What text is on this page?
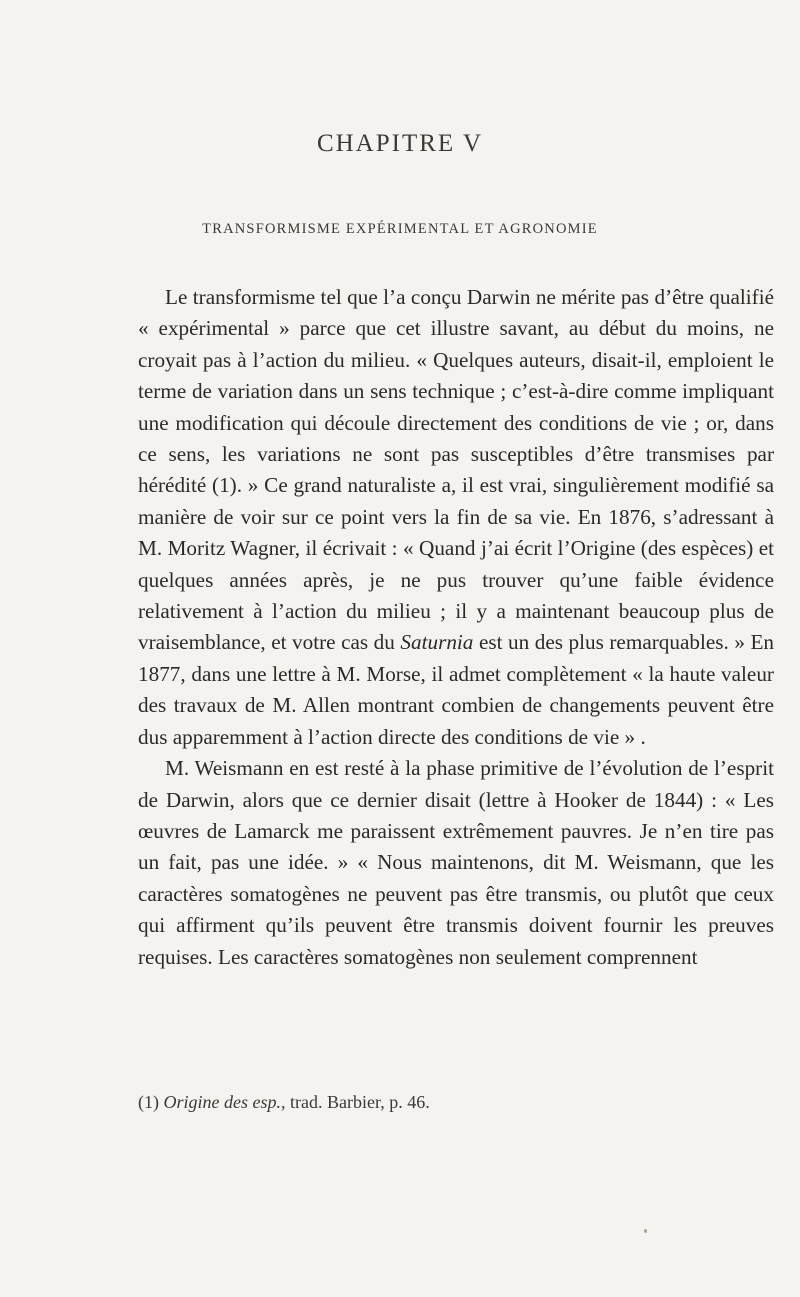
CHAPITRE V
TRANSFORMISME EXPÉRIMENTAL ET AGRONOMIE

Le transformisme tel que l’a conçu Darwin ne mérite pas d’être qualifié « expérimental » parce que cet illustre savant, au début du moins, ne croyait pas à l’action du milieu. « Quelques auteurs, disait-il, emploient le terme de variation dans un sens technique ; c’est-à-dire comme impliquant une modification qui découle directement des conditions de vie ; or, dans ce sens, les variations ne sont pas susceptibles d’être transmises par hérédité (1). » Ce grand naturaliste a, il est vrai, singulièrement modifié sa manière de voir sur ce point vers la fin de sa vie. En 1876, s’adressant à M. Moritz Wagner, il écrivait : « Quand j’ai écrit l’Origine (des espèces) et quelques années après, je ne pus trouver qu’une faible évidence relativement à l’action du milieu ; il y a maintenant beaucoup plus de vraisemblance, et votre cas du Saturnia est un des plus remarquables. » En 1877, dans une lettre à M. Morse, il admet complètement « la haute valeur des travaux de M. Allen montrant combien de changements peuvent être dus apparemment à l’action directe des conditions de vie » .

M. Weismann en est resté à la phase primitive de l’évolution de l’esprit de Darwin, alors que ce dernier disait (lettre à Hooker de 1844) : « Les œuvres de Lamarck me paraissent extrêmement pauvres. Je n’en tire pas un fait, pas une idée. » « Nous maintenons, dit M. Weismann, que les caractères somatogènes ne peuvent pas être transmis, ou plutôt que ceux qui affirment qu’ils peuvent être transmis doivent fournir les preuves requises. Les caractères somatogènes non seulement comprennent

(1) Origine des esp., trad. Barbier, p. 46.
